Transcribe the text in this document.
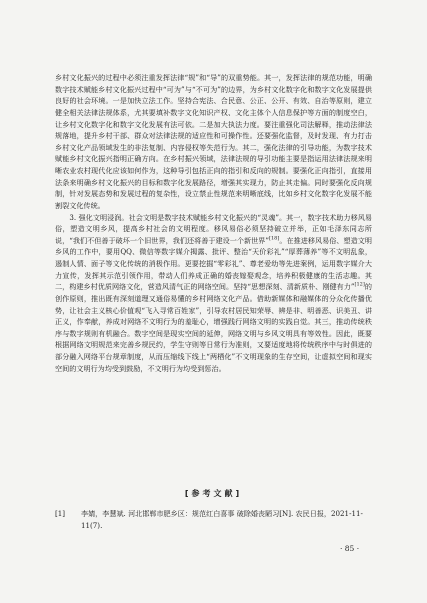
乡村文化振兴的过程中必须注重发挥法律“规”和“导”的双重势能。其一，发挥法律的规范功能，明确数字技术赋能乡村文化振兴过程中“可为”与“不可为”的边界，为乡村文化数字化和数字文化发展提供良好的社会环境。一是加快立法工作。坚持合宪法、合民意、公正、公开、有效、自治等原则，建立健全相关法律法规体系，尤其要填补数字文化知识产权、文化主体个人信息保护等方面的制度空白，让乡村文化数字化和数字文化发展有法可依。二是加大执法力度。要注重强化司法解释，推动法律法规落地，提升乡村干部、群众对法律法规的适应性和可操作性。还要强化监督，及时发现、有力打击乡村文化产品领域发生的非法复制、内容侵权等失范行为。其二，强化法律的引导功能，为数字技术赋能乡村文化振兴指明正确方向。在乡村振兴领域，法律法规的导引功能主要是指运用法律法规来明晰农业农村现代化应该如何作为，这种导引包括正向的指引和反向的规制。要强化正向指引，直接用法条来明确乡村文化振兴的目标和数字化发展路径，增强其实现力，防止其走偏。同时要强化反向规制，针对发展态势和发展过程的复杂性，设立禁止性规范来明晰底线，比如乡村文化数字化发展不能割裂文化传统。

3. 强化文明浸润。社会文明是数字技术赋能乡村文化振兴的“灵魂”。其一，数字技术助力移风易俗，塑造文明乡风，提高乡村社会的文明程度。移风易俗必须坚持破立并举，正如毛泽东同志所说，“我们不但善于破坏一个旧世界，我们还将善于建设一个新世界”[18]。在推进移风易俗、塑造文明乡风的工作中，要用QQ、微信等数字媒介揭露、批评、整治“天价彩礼”“厚葬薄养”等不文明乱象，遏制人情、面子等文化传统的消极作用。更要挖掘“零彩礼”、尊老爱幼等先进案例，运用数字媒介大力宣传，发挥其示范引领作用，带动人们养成正确的婚丧嫁娶观念，培养积极健康的生活志趣。其二，构建乡村优质网络文化，营造风清气正的网络空间。坚持“思想深刻、清新质朴、刚健有力”[12]的创作原则，推出既有深刻道理又通俗易懂的乡村网络文化产品。借助新媒体和融媒体的分众化传播优势，让社会主义核心价值观“飞入寻常百姓家”，引导农村居民知荣辱、辨是非、明善恶、识美丑、讲正义，作奉献，养成对网络不文明行为的羞耻心，增强践行网络文明的实践自觉。其三，推动传统秩序与数字规则有机融合。数字空间是现实空间的延伸，网络文明与乡风文明具有等效性。因此，既要根据网络文明规范来完善乡规民约，学生守则等日常行为准则，又要适度地将传统秩序中与时俱进的部分融入网络平台规章制度，从而压缩线下线上“两栖化”不文明现象的生存空间，让虚拟空间和现实空间的文明行为均受到鼓励，不文明行为均受到惩治。

[参考文献]
[1]	李婧，李慧斌. 河北邯郸市肥乡区：规范红白喜事 破除婚丧陋习[N]. 农民日报，2021-11-11(7).
· 85 ·
